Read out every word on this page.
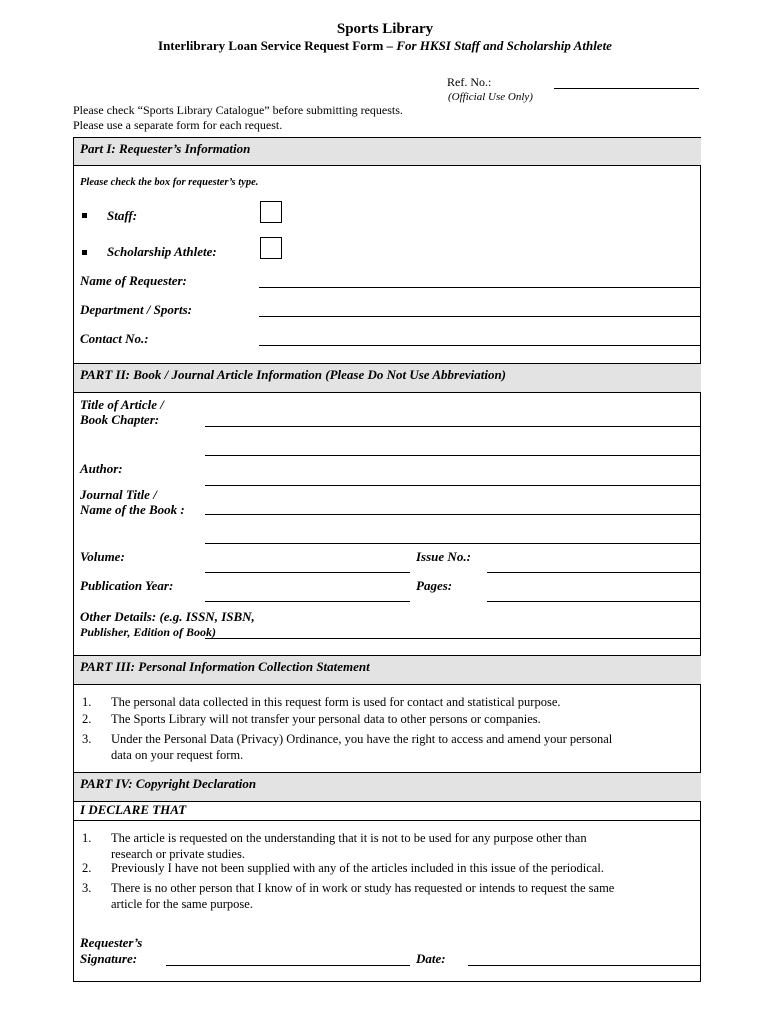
Sports Library
Interlibrary Loan Service Request Form – For HKSI Staff and Scholarship Athlete
Ref. No.:
(Official Use Only)
Please check “Sports Library Catalogue” before submitting requests.
Please use a separate form for each request.
Part I: Requester’s Information
Please check the box for requester’s type.
Staff:
Scholarship Athlete:
Name of Requester:
Department / Sports:
Contact No.:
PART II: Book / Journal Article Information (Please Do Not Use Abbreviation)
Title of Article /
Book Chapter:
Author:
Journal Title /
Name of the Book :
Volume:	Issue No.:
Publication Year:	Pages:
Other Details: (e.g. ISSN, ISBN,
Publisher, Edition of Book)
PART III: Personal Information Collection Statement
1. The personal data collected in this request form is used for contact and statistical purpose.
2. The Sports Library will not transfer your personal data to other persons or companies.
3. Under the Personal Data (Privacy) Ordinance, you have the right to access and amend your personal
data on your request form.
PART IV: Copyright Declaration
I DECLARE THAT
1. The article is requested on the understanding that it is not to be used for any purpose other than
research or private studies.
2. Previously I have not been supplied with any of the articles included in this issue of the periodical.
3. There is no other person that I know of in work or study has requested or intends to request the same
article for the same purpose.
Requester’s
Signature:	Date:
